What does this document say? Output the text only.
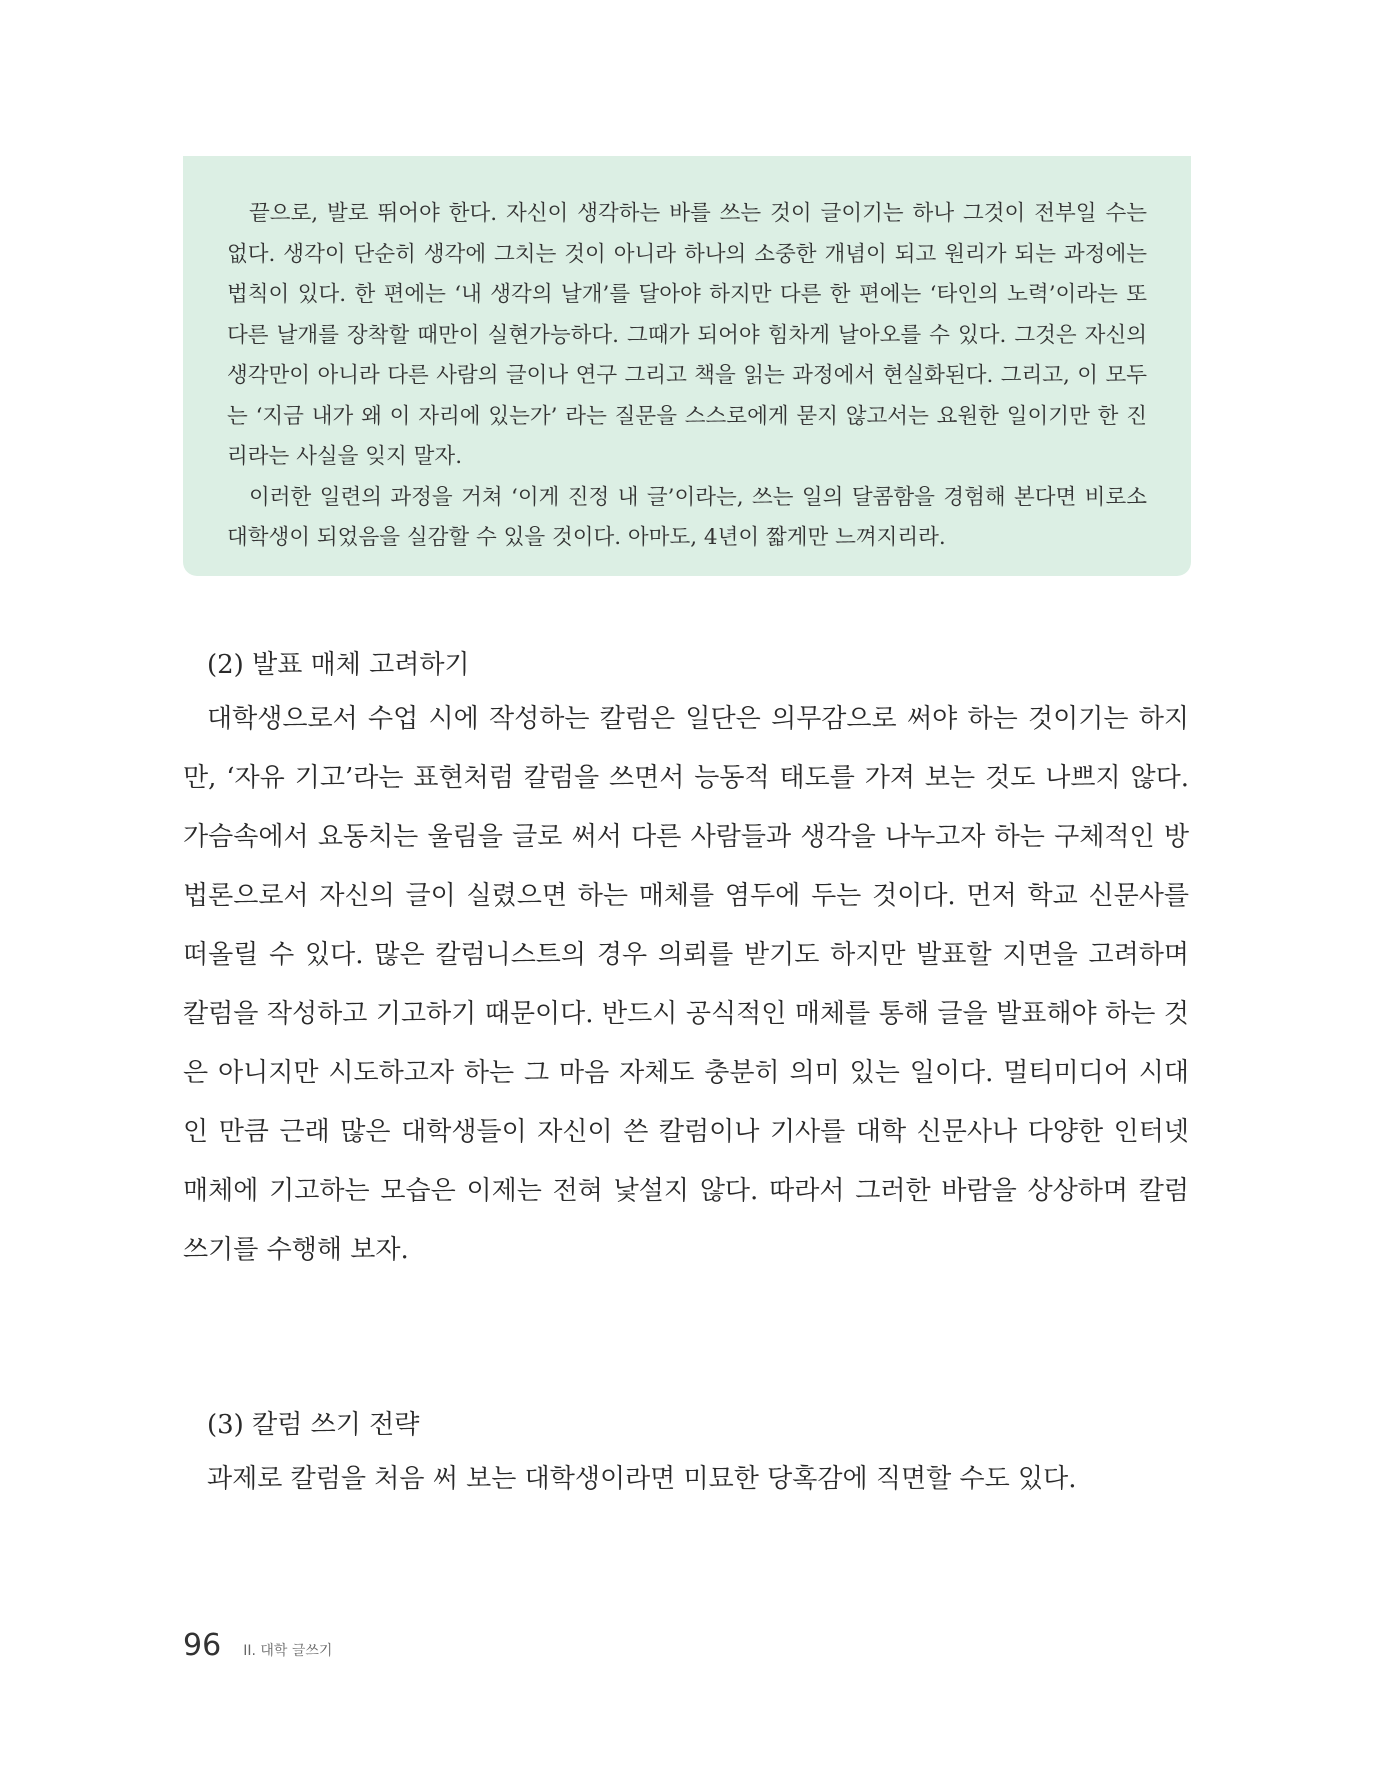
끝으로, 발로 뛰어야 한다. 자신이 생각하는 바를 쓰는 것이 글이기는 하나 그것이 전부일 수는 없다. 생각이 단순히 생각에 그치는 것이 아니라 하나의 소중한 개념이 되고 원리가 되는 과정에는 법칙이 있다. 한 편에는 ‘내 생각의 날개’를 달아야 하지만 다른 한 편에는 ‘타인의 노력’이라는 또 다른 날개를 장착할 때만이 실현가능하다. 그때가 되어야 힘차게 날아오를 수 있다. 그것은 자신의 생각만이 아니라 다른 사람의 글이나 연구 그리고 책을 읽는 과정에서 현실화된다. 그리고, 이 모두는 ‘지금 내가 왜 이 자리에 있는가’ 라는 질문을 스스로에게 묻지 않고서는 요원한 일이기만 한 진리라는 사실을 잊지 말자.

이러한 일련의 과정을 거쳐 ‘이게 진정 내 글’이라는, 쓰는 일의 달콤함을 경험해 본다면 비로소 대학생이 되었음을 실감할 수 있을 것이다. 아마도, 4년이 짧게만 느껴지리라.

(2) 발표 매체 고려하기

대학생으로서 수업 시에 작성하는 칼럼은 일단은 의무감으로 써야 하는 것이기는 하지만, ‘자유 기고’라는 표현처럼 칼럼을 쓰면서 능동적 태도를 가져 보는 것도 나쁘지 않다. 가슴속에서 요동치는 울림을 글로 써서 다른 사람들과 생각을 나누고자 하는 구체적인 방법론으로서 자신의 글이 실렸으면 하는 매체를 염두에 두는 것이다. 먼저 학교 신문사를 떠올릴 수 있다. 많은 칼럼니스트의 경우 의뢰를 받기도 하지만 발표할 지면을 고려하며 칼럼을 작성하고 기고하기 때문이다. 반드시 공식적인 매체를 통해 글을 발표해야 하는 것은 아니지만 시도하고자 하는 그 마음 자체도 충분히 의미 있는 일이다. 멀티미디어 시대인 만큼 근래 많은 대학생들이 자신이 쓴 칼럼이나 기사를 대학 신문사나 다양한 인터넷 매체에 기고하는 모습은 이제는 전혀 낯설지 않다. 따라서 그러한 바람을 상상하며 칼럼 쓰기를 수행해 보자.

(3) 칼럼 쓰기 전략

과제로 칼럼을 처음 써 보는 대학생이라면 미묘한 당혹감에 직면할 수도 있다.

96 II. 대학 글쓰기
